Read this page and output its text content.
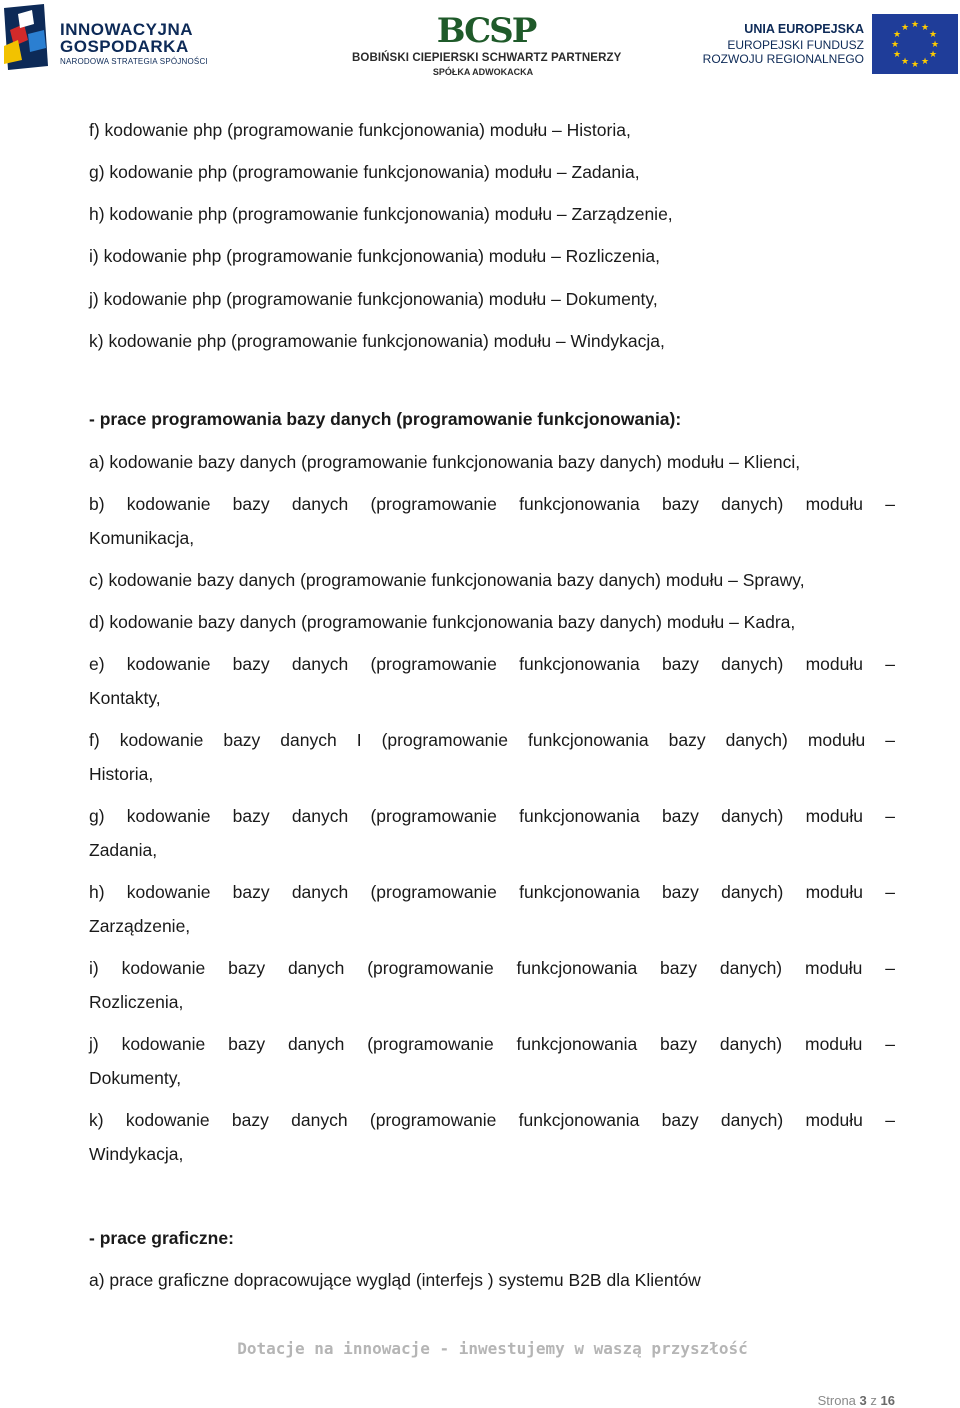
INNOWACYJNA
GOSPODARKA
NARODOWA STRATEGIA SPÓJNOŚCI
BCSP
BOBIŃSKI CIEPIERSKI SCHWARTZ PARTNERZY
SPÓŁKA ADWOKACKA
UNIA EUROPEJSKA
EUROPEJSKI FUNDUSZ
ROZWOJU REGIONALNEGO
★ ★
★
★
★
★
★
★
★
★
★
★
f) kodowanie php (programowanie funkcjonowania) modułu – Historia,
g) kodowanie php (programowanie funkcjonowania) modułu – Zadania,
h) kodowanie php (programowanie funkcjonowania) modułu – Zarządzenie,
i) kodowanie php (programowanie funkcjonowania) modułu – Rozliczenia,
j) kodowanie php (programowanie funkcjonowania) modułu – Dokumenty,
k) kodowanie php (programowanie funkcjonowania) modułu – Windykacja,
- prace programowania bazy danych (programowanie funkcjonowania):
a) kodowanie bazy danych (programowanie funkcjonowania bazy danych) modułu – Klienci,
b) kodowanie bazy danych (programowanie funkcjonowania bazy danych) modułu –
Komunikacja,
c) kodowanie bazy danych (programowanie funkcjonowania bazy danych) modułu – Sprawy,
d) kodowanie bazy danych (programowanie funkcjonowania bazy danych) modułu – Kadra,
e) kodowanie bazy danych (programowanie funkcjonowania bazy danych) modułu –
Kontakty,
f) kodowanie bazy danych I (programowanie funkcjonowania bazy danych) modułu –
Historia,
g) kodowanie bazy danych (programowanie funkcjonowania bazy danych) modułu –
Zadania,
h) kodowanie bazy danych (programowanie funkcjonowania bazy danych) modułu –
Zarządzenie,
i) kodowanie bazy danych (programowanie funkcjonowania bazy danych) modułu –
Rozliczenia,
j) kodowanie bazy danych (programowanie funkcjonowania bazy danych) modułu –
Dokumenty,
k) kodowanie bazy danych (programowanie funkcjonowania bazy danych) modułu –
Windykacja,
- prace graficzne:
a) prace graficzne dopracowujące wygląd (interfejs ) systemu B2B dla Klientów
Dotacje na innowacje - inwestujemy w waszą przyszłość
Strona 3 z 16
